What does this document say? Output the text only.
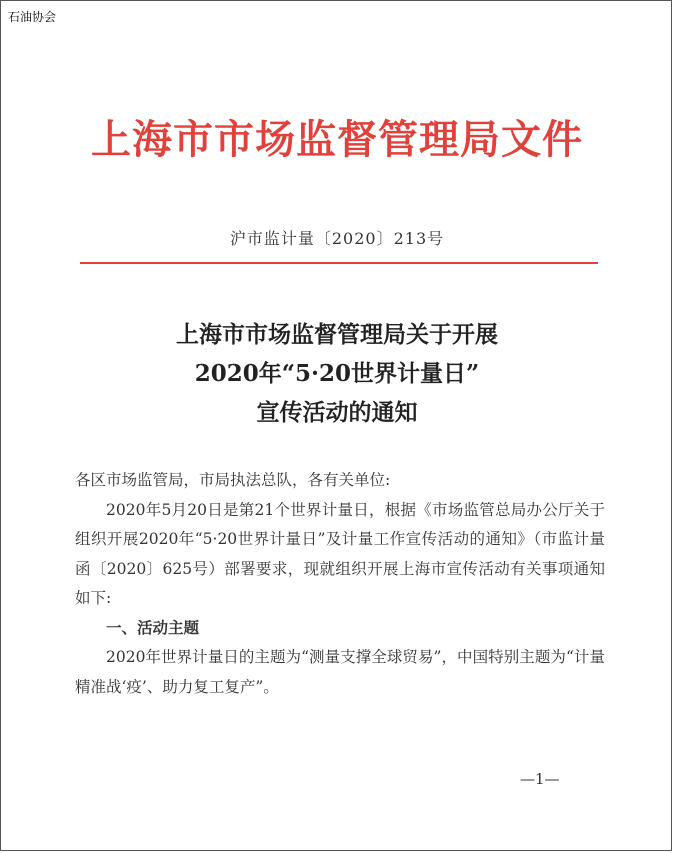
石油协会
上海市市场监督管理局文件
沪市监计量〔2020〕213号
上海市市场监督管理局关于开展
2020年“5·20世界计量日”
宣传活动的通知

各区市场监管局，市局执法总队，各有关单位:

2020年5月20日是第21个世界计量日，根据《市场监管总局办公厅关于组织开展2020年“5·20世界计量日”及计量工作宣传活动的通知》（市监计量函〔2020〕625号）部署要求，现就组织开展上海市宣传活动有关事项通知如下:

一、活动主题

2020年世界计量日的主题为“测量支撑全球贸易”，中国特别主题为“计量精准战‘疫’、助力复工复产”。

—1—
